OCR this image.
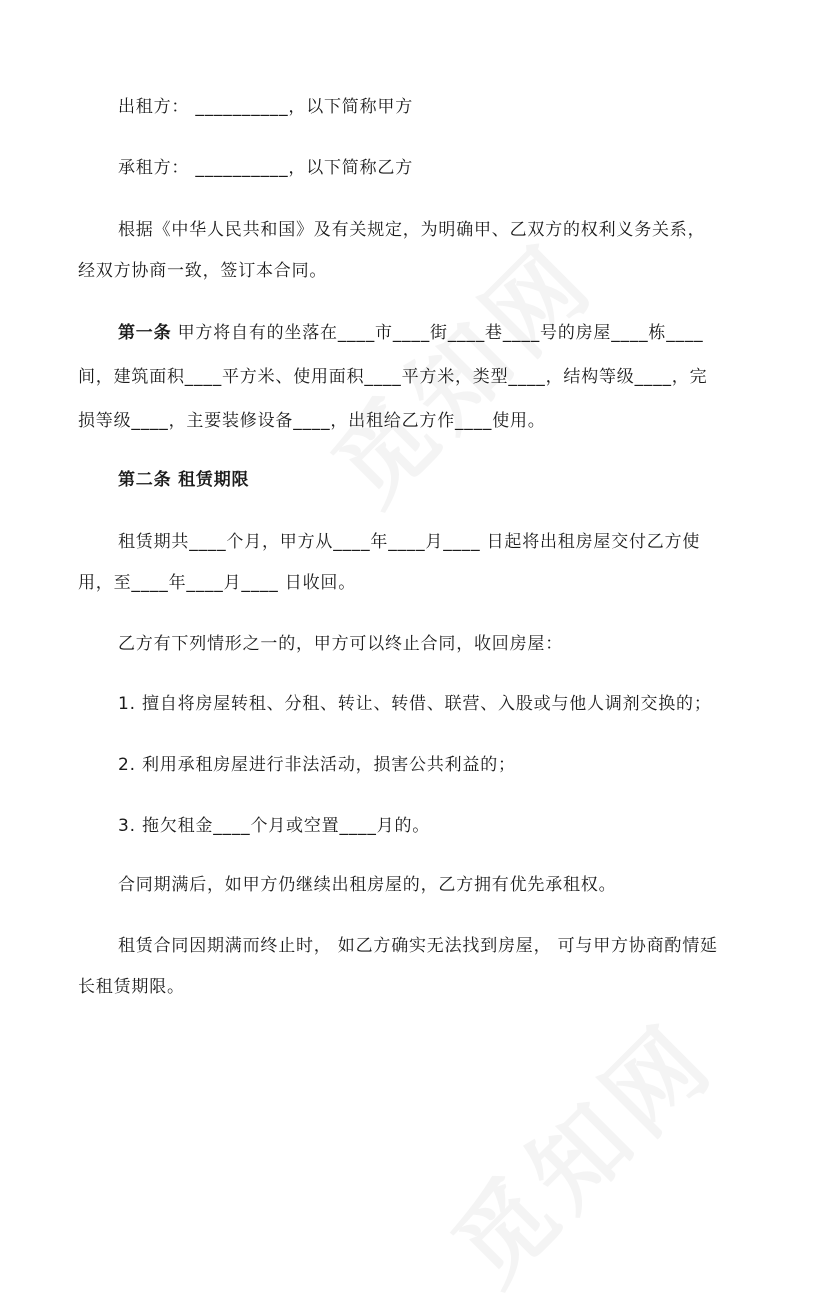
出租方： __________，以下简称甲方
承租方： __________，以下简称乙方
根据《中华人民共和国》及有关规定，为明确甲、乙双方的权利义务关系，
经双方协商一致，签订本合同。
第一条 甲方将自有的坐落在____市____街____巷____号的房屋____栋____
间，建筑面积____平方米、使用面积____平方米，类型____，结构等级____，完
损等级____，主要装修设备____，出租给乙方作____使用。
第二条 租赁期限
租赁期共____个月，甲方从____年____月____ 日起将出租房屋交付乙方使
用，至____年____月____ 日收回。
乙方有下列情形之一的，甲方可以终止合同，收回房屋：
1. 擅自将房屋转租、分租、转让、转借、联营、入股或与他人调剂交换的；
2. 利用承租房屋进行非法活动，损害公共利益的；
3. 拖欠租金____个月或空置____月的。
合同期满后，如甲方仍继续出租房屋的，乙方拥有优先承租权。
租赁合同因期满而终止时， 如乙方确实无法找到房屋， 可与甲方协商酌情延
长租赁期限。
